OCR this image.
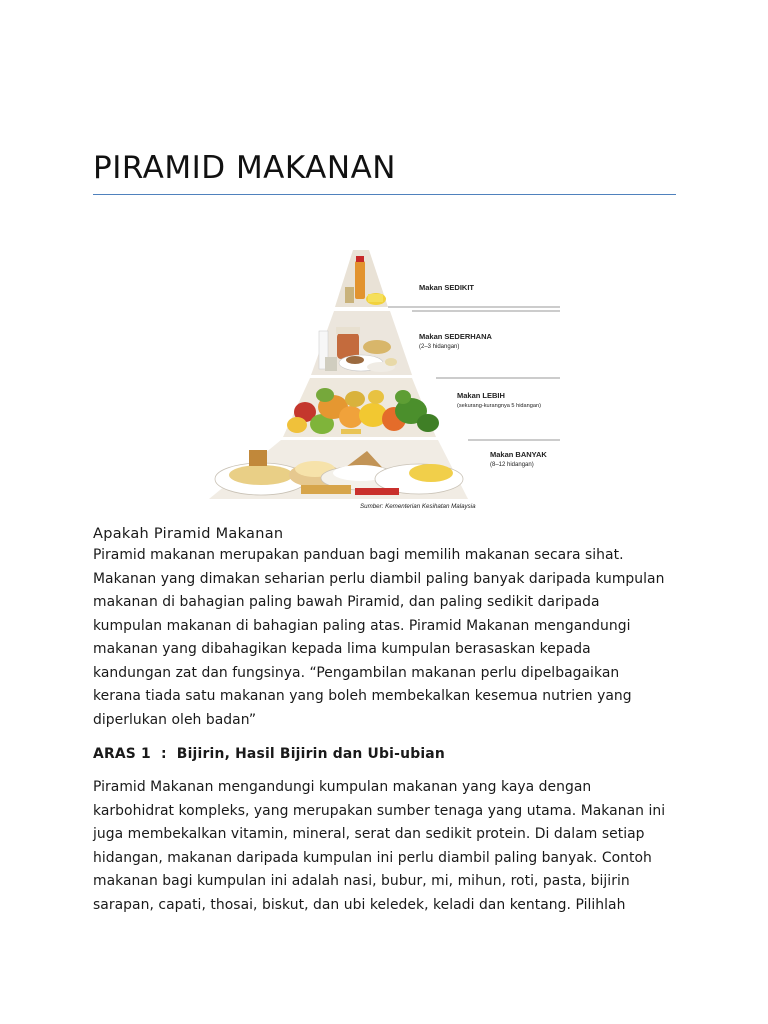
PIRAMID MAKANAN
Makan SEDIKIT
Makan SEDERHANA
(2–3 hidangan)
Makan LEBIH
(sekurang-kurangnya 5 hidangan)
Makan BANYAK
(8–12 hidangan)
Sumber: Kementerian Kesihatan Malaysia
Apakah Piramid Makanan

Piramid makanan merupakan panduan bagi memilih makanan secara sihat.

Makanan yang dimakan seharian perlu diambil paling banyak daripada kumpulan

makanan di bahagian paling bawah Piramid, dan paling sedikit daripada

kumpulan makanan di bahagian paling atas. Piramid Makanan mengandungi

makanan yang dibahagikan kepada lima kumpulan berasaskan kepada

kandungan zat dan fungsinya. “Pengambilan makanan perlu dipelbagaikan

kerana tiada satu makanan yang boleh membekalkan kesemua nutrien yang

diperlukan oleh badan”

ARAS 1  :  Bijirin, Hasil Bijirin dan Ubi-ubian

Piramid Makanan mengandungi kumpulan makanan yang kaya dengan

karbohidrat kompleks, yang merupakan sumber tenaga yang utama. Makanan ini

juga membekalkan vitamin, mineral, serat dan sedikit protein. Di dalam setiap

hidangan, makanan daripada kumpulan ini perlu diambil paling banyak. Contoh

makanan bagi kumpulan ini adalah nasi, bubur, mi, mihun, roti, pasta, bijirin

sarapan, capati, thosai, biskut, dan ubi keledek, keladi dan kentang. Pilihlah
